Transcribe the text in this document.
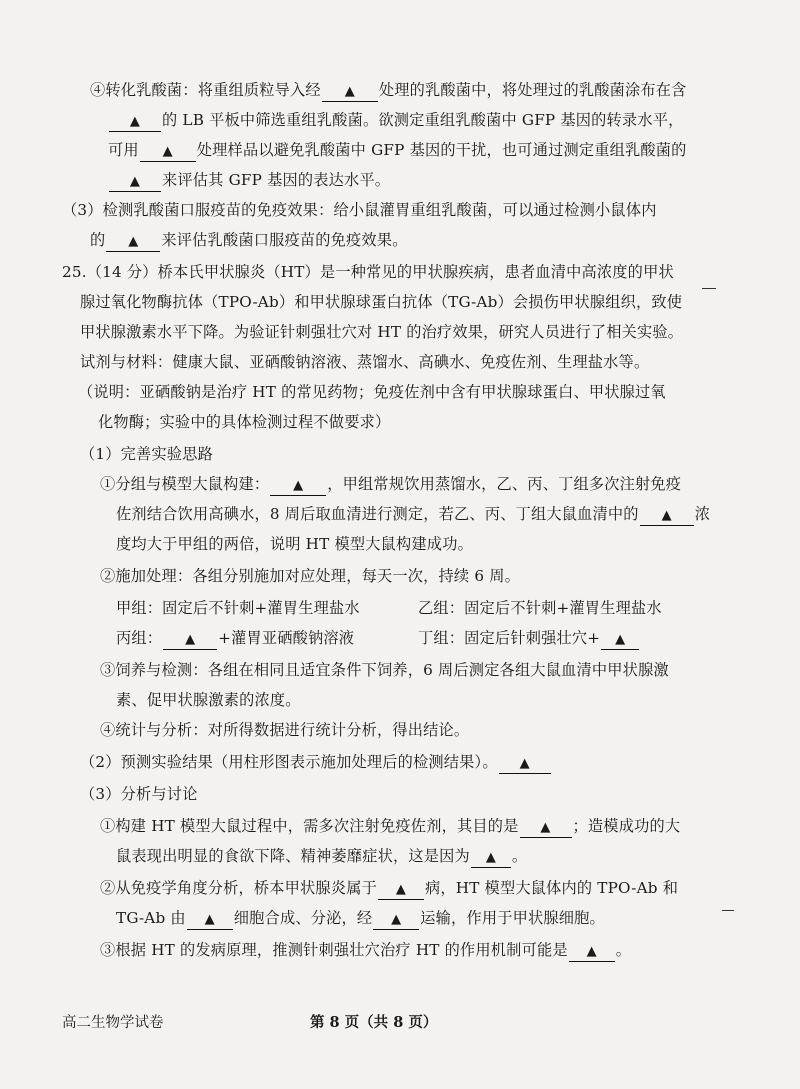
④转化乳酸菌：将重组质粒导入经 ▲ 处理的乳酸菌中，将处理过的乳酸菌涂布在含
▲ 的 LB 平板中筛选重组乳酸菌。欲测定重组乳酸菌中 GFP 基因的转录水平，
可用 ▲ 处理样品以避免乳酸菌中 GFP 基因的干扰，也可通过测定重组乳酸菌的
▲ 来评估其 GFP 基因的表达水平。
（3）检测乳酸菌口服疫苗的免疫效果：给小鼠灌胃重组乳酸菌，可以通过检测小鼠体内
的 ▲ 来评估乳酸菌口服疫苗的免疫效果。
25.（14 分）桥本氏甲状腺炎（HT）是一种常见的甲状腺疾病，患者血清中高浓度的甲状
腺过氧化物酶抗体（TPO-Ab）和甲状腺球蛋白抗体（TG-Ab）会损伤甲状腺组织，致使
甲状腺激素水平下降。为验证针刺强壮穴对 HT 的治疗效果，研究人员进行了相关实验。
试剂与材料：健康大鼠、亚硒酸钠溶液、蒸馏水、高碘水、免疫佐剂、生理盐水等。
（说明：亚硒酸钠是治疗 HT 的常见药物；免疫佐剂中含有甲状腺球蛋白、甲状腺过氧
化物酶；实验中的具体检测过程不做要求）
（1）完善实验思路
①分组与模型大鼠构建： ▲ ，甲组常规饮用蒸馏水，乙、丙、丁组多次注射免疫
佐剂结合饮用高碘水，8 周后取血清进行测定，若乙、丙、丁组大鼠血清中的 ▲ 浓
度均大于甲组的两倍，说明 HT 模型大鼠构建成功。
②施加处理：各组分别施加对应处理，每天一次，持续 6 周。
甲组：固定后不针刺+灌胃生理盐水	乙组：固定后不针刺+灌胃生理盐水
丙组： ▲ +灌胃亚硒酸钠溶液	丁组：固定后针刺强壮穴+ ▲
③饲养与检测：各组在相同且适宜条件下饲养，6 周后测定各组大鼠血清中甲状腺激
素、促甲状腺激素的浓度。
④统计与分析：对所得数据进行统计分析，得出结论。
（2）预测实验结果（用柱形图表示施加处理后的检测结果）。 ▲
（3）分析与讨论
①构建 HT 模型大鼠过程中，需多次注射免疫佐剂，其目的是 ▲ ；造模成功的大
鼠表现出明显的食欲下降、精神萎靡症状，这是因为 ▲ 。
②从免疫学角度分析，桥本甲状腺炎属于 ▲ 病，HT 模型大鼠体内的 TPO-Ab 和
TG-Ab 由 ▲ 细胞合成、分泌，经 ▲ 运输，作用于甲状腺细胞。
③根据 HT 的发病原理，推测针刺强壮穴治疗 HT 的作用机制可能是 ▲ 。
高二生物学试卷	第 8 页（共 8 页）
